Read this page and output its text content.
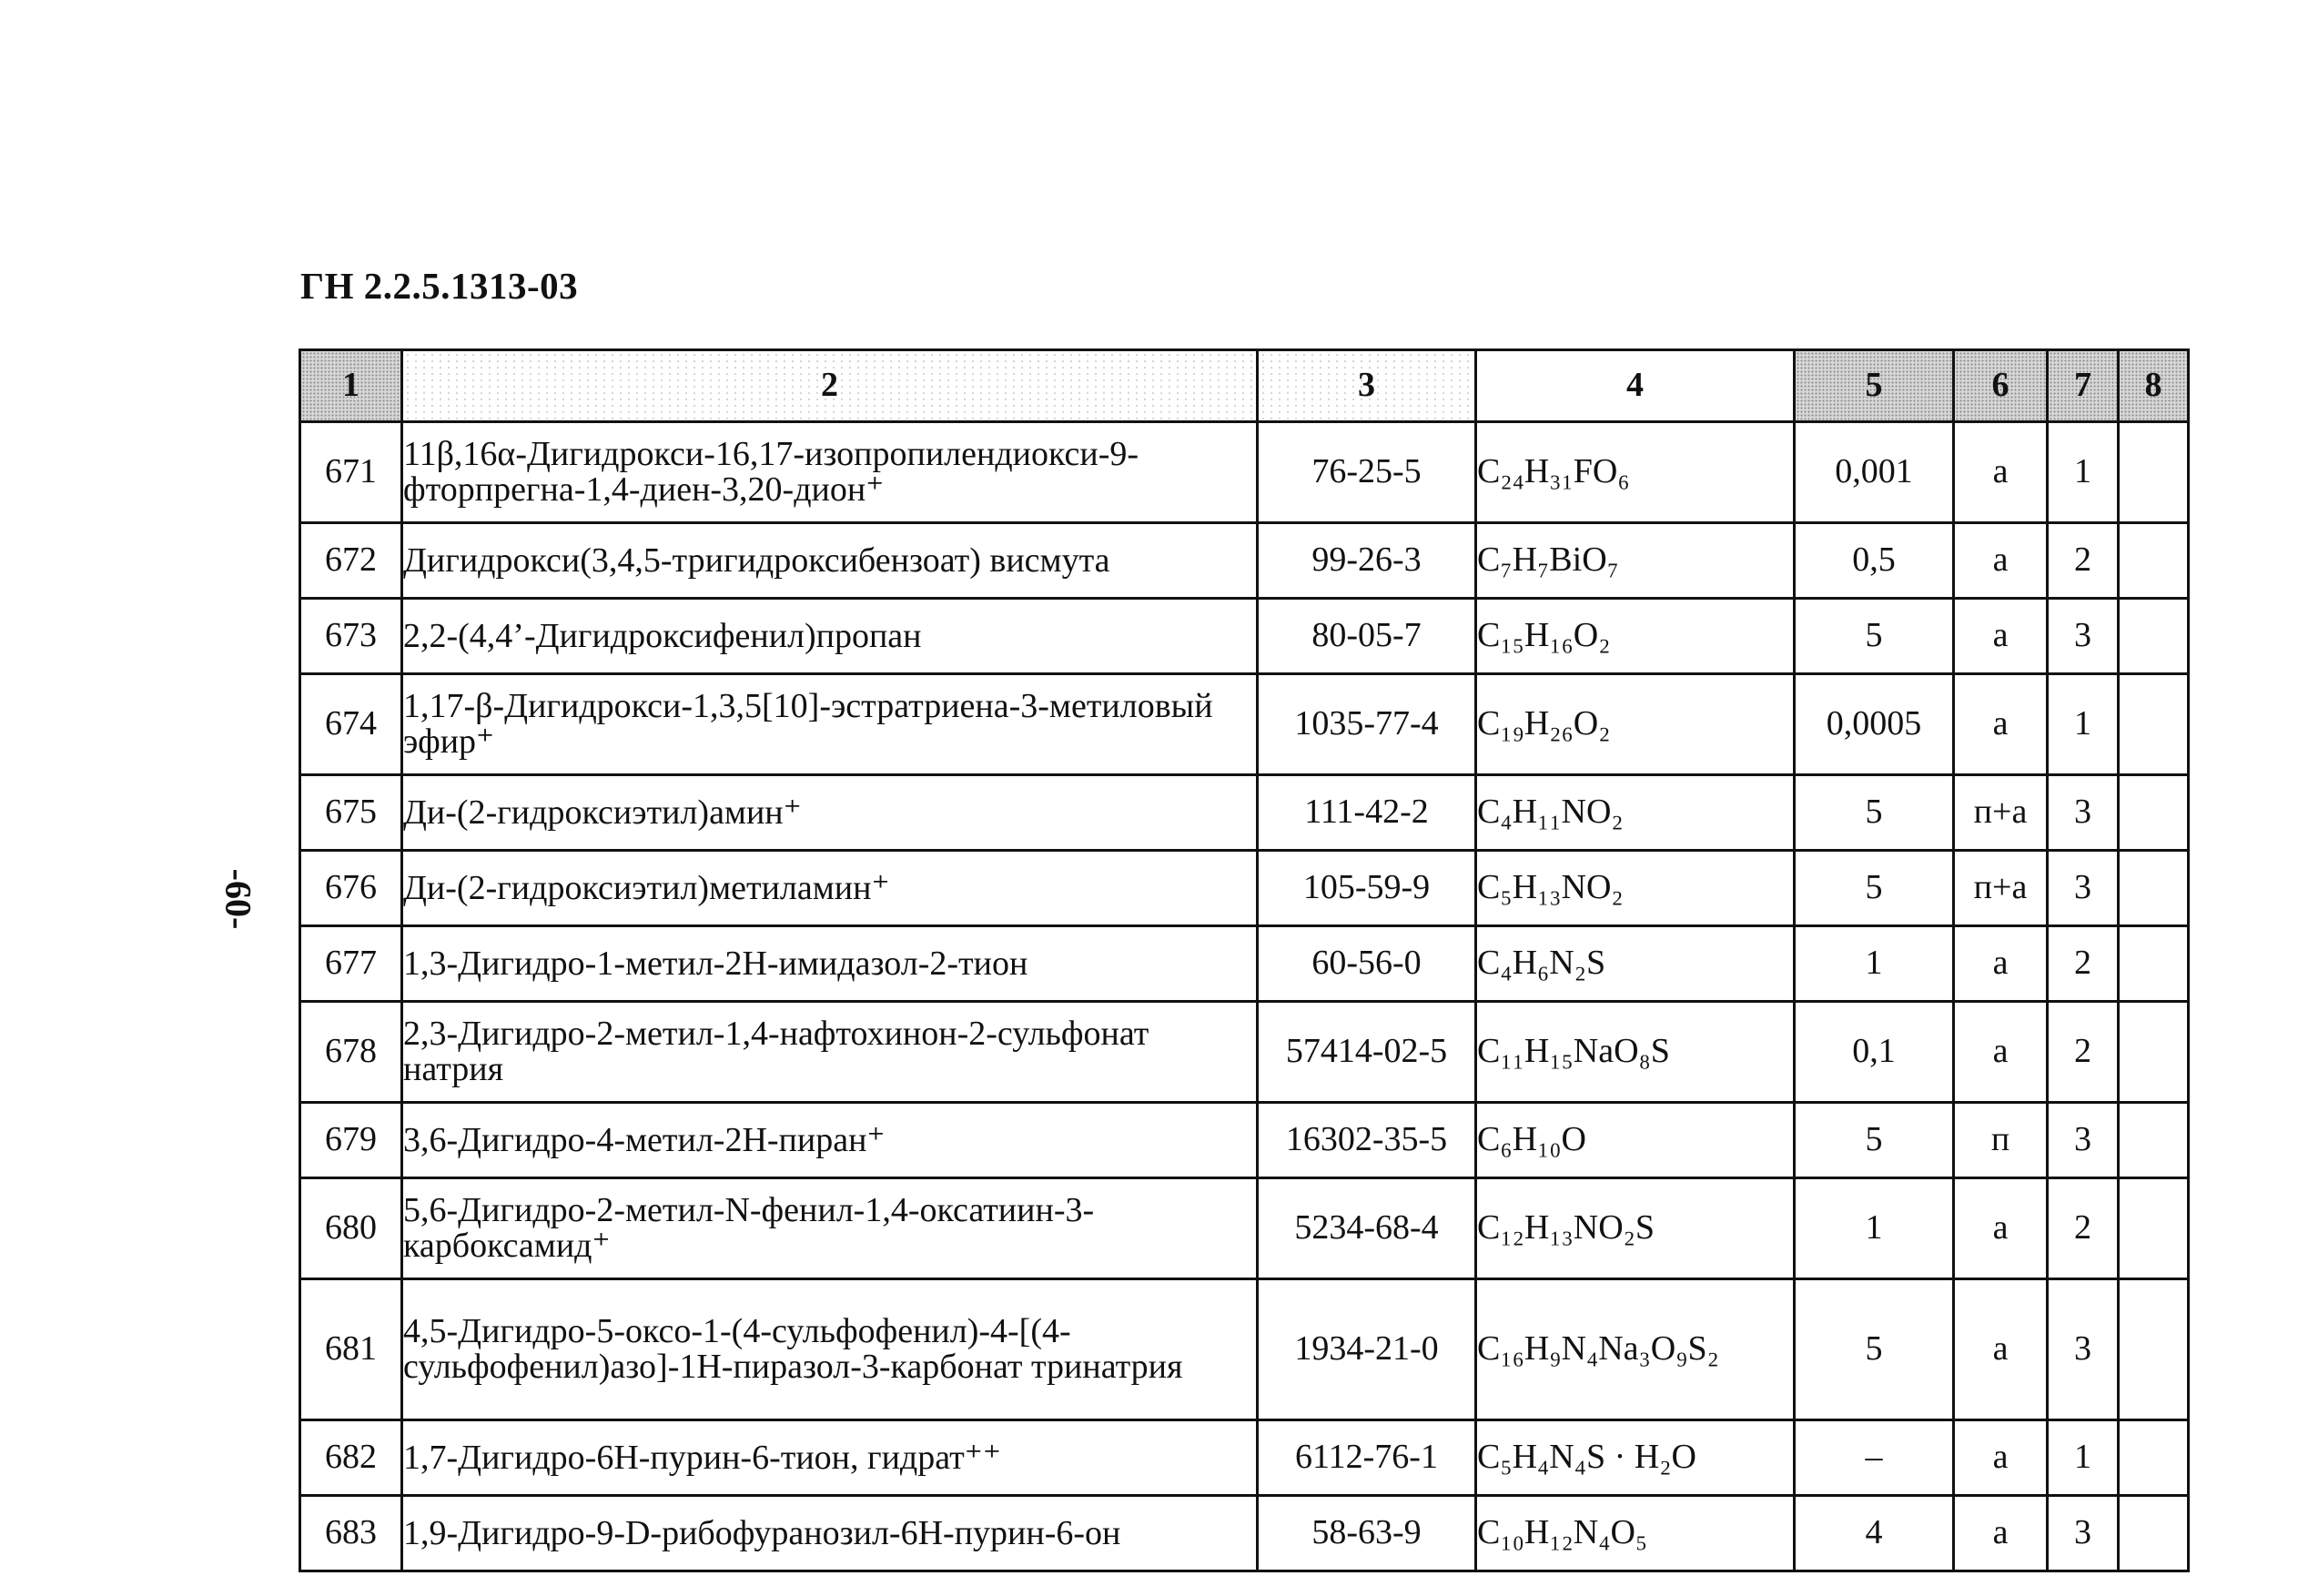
ГН 2.2.5.1313-03
-60-
1	2	3	4	5	6	7	8
671	11β,16α-Дигидрокси-16,17-изопропилендиокси-9-фторпрегна-1,4-диен-3,20-дион⁺	76-25-5	C₂₄H₃₁FO₆	0,001	а	1	
672	Дигидрокси(3,4,5-тригидроксибензоат) висмута	99-26-3	C₇H₇BiO₇	0,5	а	2	
673	2,2-(4,4’-Дигидроксифенил)пропан	80-05-7	C₁₅H₁₆O₂	5	а	3	
674	1,17-β-Дигидрокси-1,3,5[10]-эстратриена-3-метиловый эфир⁺	1035-77-4	C₁₉H₂₆O₂	0,0005	а	1	
675	Ди-(2-гидроксиэтил)амин⁺	111-42-2	C₄H₁₁NO₂	5	п+а	3	
676	Ди-(2-гидроксиэтил)метиламин⁺	105-59-9	C₅H₁₃NO₂	5	п+а	3	
677	1,3-Дигидро-1-метил-2H-имидазол-2-тион	60-56-0	C₄H₆N₂S	1	а	2	
678	2,3-Дигидро-2-метил-1,4-нафтохинон-2-сульфонат натрия	57414-02-5	C₁₁H₁₅NaO₈S	0,1	а	2	
679	3,6-Дигидро-4-метил-2H-пиран⁺	16302-35-5	C₆H₁₀O	5	п	3	
680	5,6-Дигидро-2-метил-N-фенил-1,4-оксатиин-3-карбоксамид⁺	5234-68-4	C₁₂H₁₃NO₂S	1	а	2	
681	4,5-Дигидро-5-оксо-1-(4-сульфофенил)-4-[(4-сульфофенил)азо]-1H-пиразол-3-карбонат тринатрия	1934-21-0	C₁₆H₉N₄Na₃O₉S₂	5	а	3	
682	1,7-Дигидро-6H-пурин-6-тион, гидрат⁺⁺	6112-76-1	C₅H₄N₄S · H₂O	–	а	1	
683	1,9-Дигидро-9-D-рибофуранозил-6H-пурин-6-он	58-63-9	C₁₀H₁₂N₄O₅	4	а	3	
